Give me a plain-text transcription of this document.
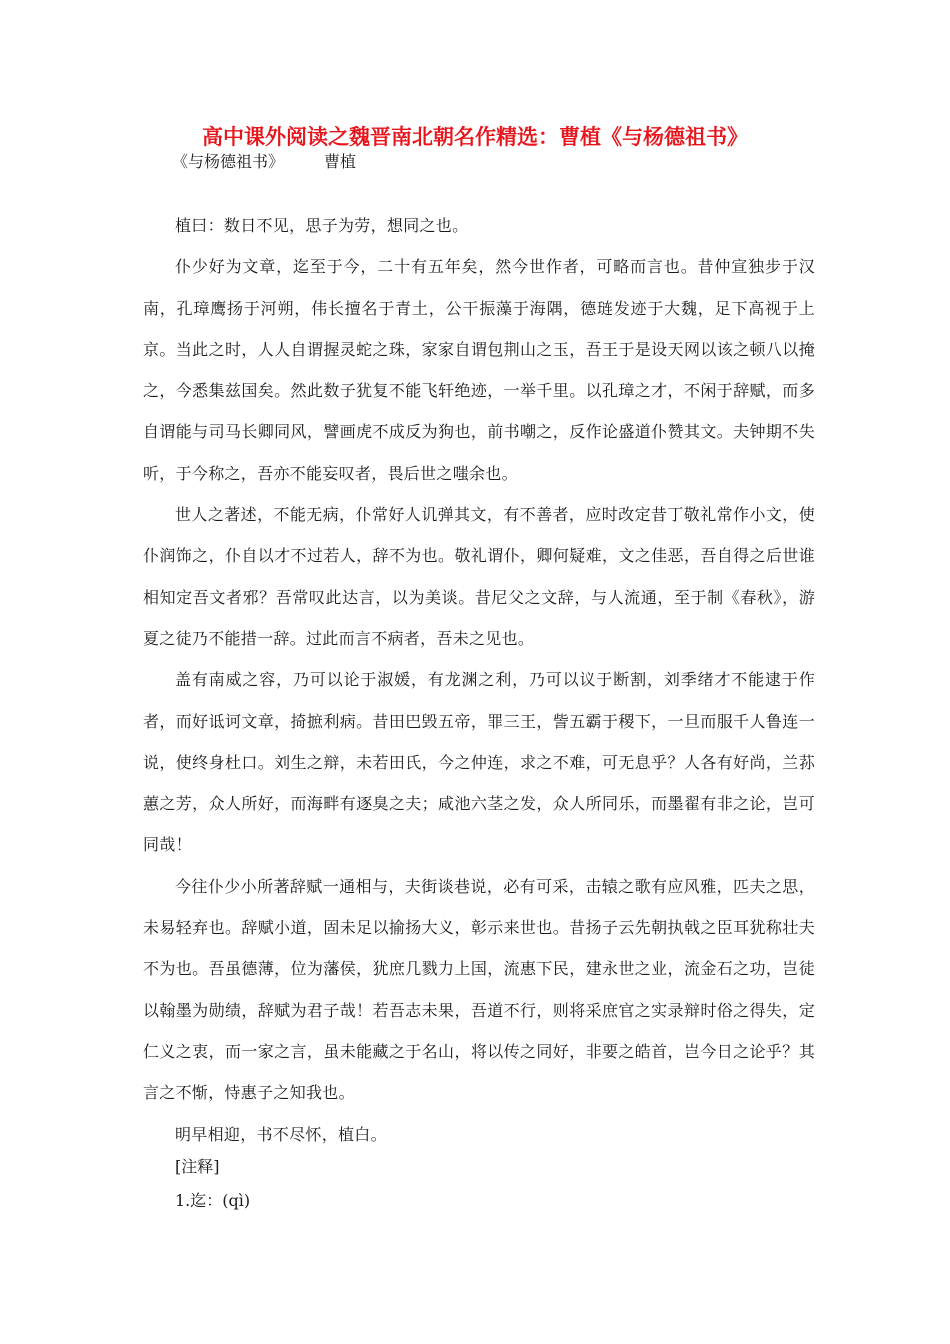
高中课外阅读之魏晋南北朝名作精选：曹植《与杨德祖书》
《与杨德祖书》	曹植

植曰：数日不见，思子为劳，想同之也。

仆少好为文章，迄至于今，二十有五年矣，然今世作者，可略而言也。昔仲宣独步于汉南，孔璋鹰扬于河朔，伟长擅名于青土，公干振藻于海隅，德琏发迹于大魏，足下高视于上京。当此之时，人人自谓握灵蛇之珠，家家自谓包荆山之玉，吾王于是设天网以该之顿八以掩之，今悉集兹国矣。然此数子犹复不能飞轩绝迹，一举千里。以孔璋之才，不闲于辞赋，而多自谓能与司马长卿同风，譬画虎不成反为狗也，前书嘲之，反作论盛道仆赞其文。夫钟期不失听，于今称之，吾亦不能妄叹者，畏后世之嗤余也。

世人之著述，不能无病，仆常好人讥弹其文，有不善者，应时改定昔丁敬礼常作小文，使仆润饰之，仆自以才不过若人，辞不为也。敬礼谓仆，卿何疑难，文之佳恶，吾自得之后世谁相知定吾文者邪？吾常叹此达言，以为美谈。昔尼父之文辞，与人流通，至于制《春秋》，游夏之徒乃不能措一辞。过此而言不病者，吾未之见也。

盖有南威之容，乃可以论于淑媛，有龙渊之利，乃可以议于断割，刘季绪才不能逮于作者，而好诋诃文章，掎摭利病。昔田巴毁五帝，罪三王，訾五霸于稷下，一旦而服千人鲁连一说，使终身杜口。刘生之辩，未若田氏，今之仲连，求之不难，可无息乎？人各有好尚，兰荪蕙之芳，众人所好，而海畔有逐臭之夫；咸池六茎之发，众人所同乐，而墨翟有非之论，岂可同哉！

今往仆少小所著辞赋一通相与，夫街谈巷说，必有可采，击辕之歌有应风雅，匹夫之思，未易轻弃也。辞赋小道，固未足以揄扬大义，彰示来世也。昔扬子云先朝执戟之臣耳犹称壮夫不为也。吾虽德薄，位为藩侯，犹庶几戮力上国，流惠下民，建永世之业，流金石之功，岂徒以翰墨为勋绩，辞赋为君子哉！若吾志未果，吾道不行，则将采庶官之实录辩时俗之得失，定仁义之衷，而一家之言，虽未能藏之于名山，将以传之同好，非要之皓首，岂今日之论乎？其言之不惭，恃惠子之知我也。

明早相迎，书不尽怀，植白。

[注释]
1.迄：(qì)
